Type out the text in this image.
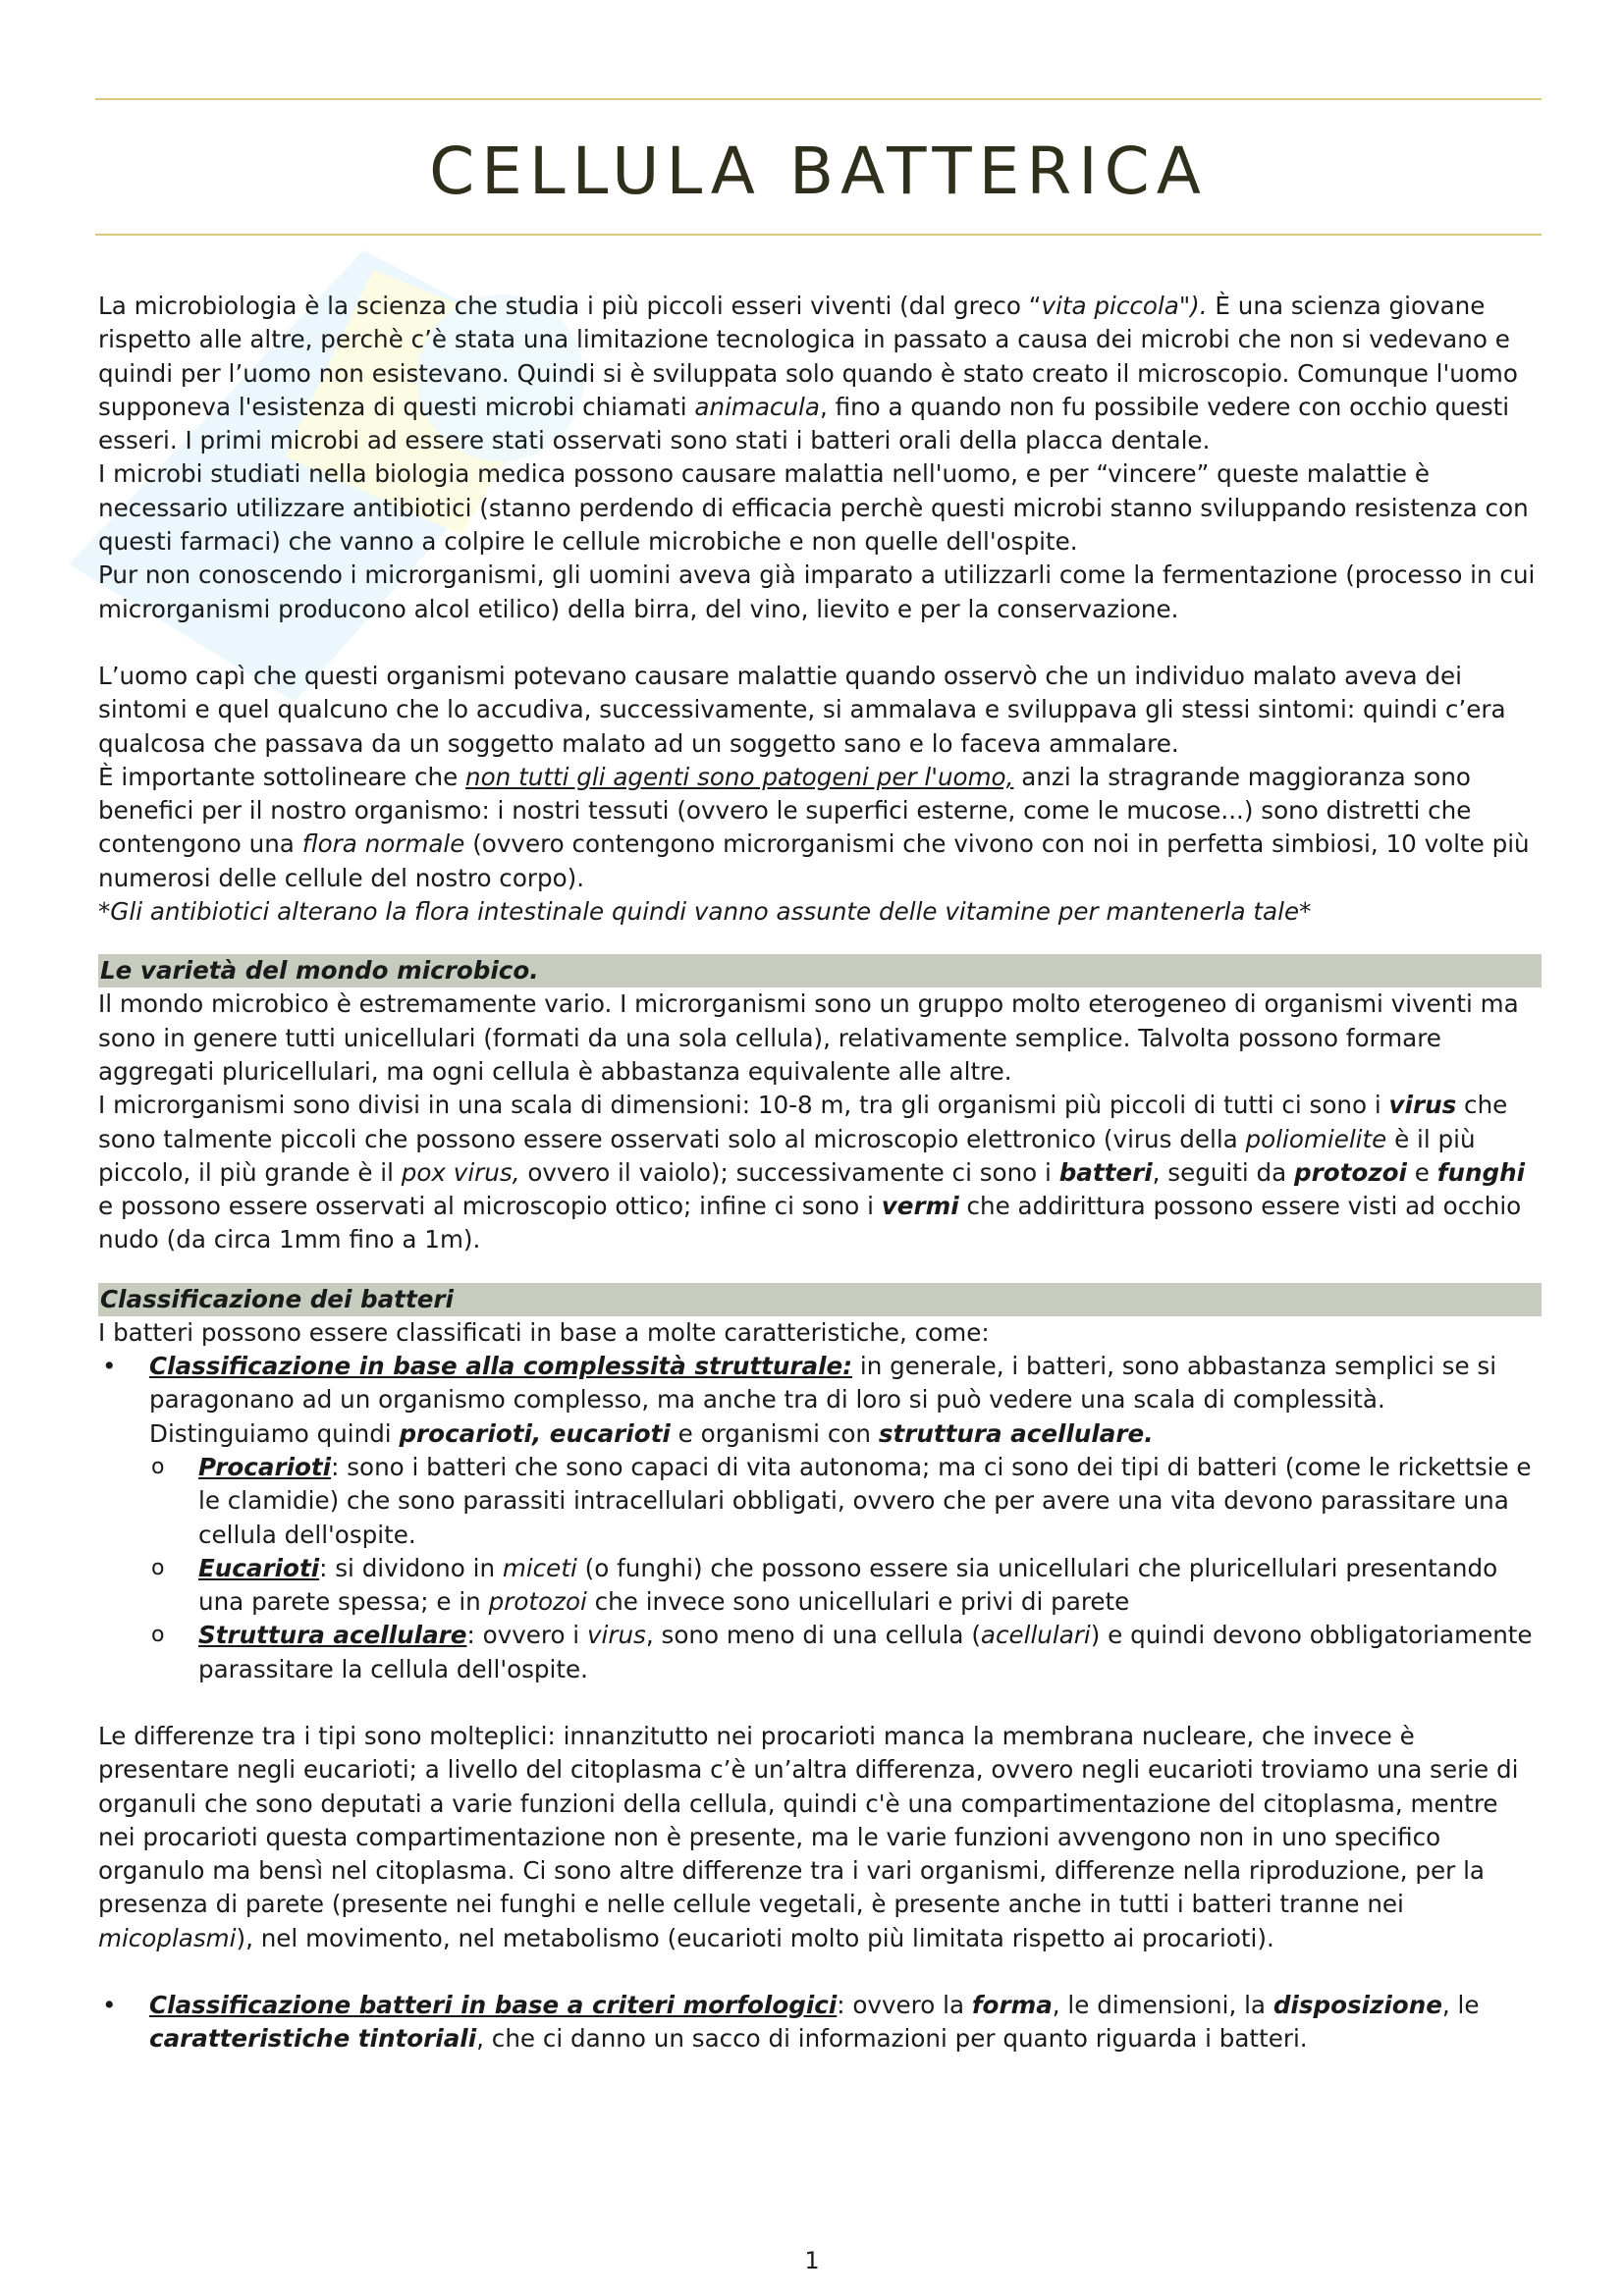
CELLULA BATTERICA

La microbiologia è la scienza che studia i più piccoli esseri viventi (dal greco “vita piccola"). È una scienza giovane rispetto alle altre, perchè c’è stata una limitazione tecnologica in passato a causa dei microbi che non si vedevano e quindi per l’uomo non esistevano. Quindi si è sviluppata solo quando è stato creato il microscopio. Comunque l'uomo supponeva l'esistenza di questi microbi chiamati animacula, fino a quando non fu possibile vedere con occhio questi esseri. I primi microbi ad essere stati osservati sono stati i batteri orali della placca dentale.

I microbi studiati nella biologia medica possono causare malattia nell'uomo, e per “vincere” queste malattie è necessario utilizzare antibiotici (stanno perdendo di efficacia perchè questi microbi stanno sviluppando resistenza con questi farmaci) che vanno a colpire le cellule microbiche e non quelle dell'ospite.

Pur non conoscendo i microrganismi, gli uomini aveva già imparato a utilizzarli come la fermentazione (processo in cui microrganismi producono alcol etilico) della birra, del vino, lievito e per la conservazione.

L’uomo capì che questi organismi potevano causare malattie quando osservò che un individuo malato aveva dei sintomi e quel qualcuno che lo accudiva, successivamente, si ammalava e sviluppava gli stessi sintomi: quindi c’era qualcosa che passava da un soggetto malato ad un soggetto sano e lo faceva ammalare.

È importante sottolineare che non tutti gli agenti sono patogeni per l'uomo, anzi la stragrande maggioranza sono benefici per il nostro organismo: i nostri tessuti (ovvero le superfici esterne, come le mucose...) sono distretti che contengono una flora normale (ovvero contengono microrganismi che vivono con noi in perfetta simbiosi, 10 volte più numerosi delle cellule del nostro corpo).

*Gli antibiotici alterano la flora intestinale quindi vanno assunte delle vitamine per mantenerla tale*

Le varietà del mondo microbico.

Il mondo microbico è estremamente vario. I microrganismi sono un gruppo molto eterogeneo di organismi viventi ma sono in genere tutti unicellulari (formati da una sola cellula), relativamente semplice. Talvolta possono formare aggregati pluricellulari, ma ogni cellula è abbastanza equivalente alle altre.

I microrganismi sono divisi in una scala di dimensioni: 10-8 m, tra gli organismi più piccoli di tutti ci sono i virus che sono talmente piccoli che possono essere osservati solo al microscopio elettronico (virus della poliomielite è il più piccolo, il più grande è il pox virus, ovvero il vaiolo); successivamente ci sono i batteri, seguiti da protozoi e funghi e possono essere osservati al microscopio ottico; infine ci sono i vermi che addirittura possono essere visti ad occhio nudo (da circa 1mm fino a 1m).

Classificazione dei batteri

I batteri possono essere classificati in base a molte caratteristiche, come:

• Classificazione in base alla complessità strutturale: in generale, i batteri, sono abbastanza semplici se si paragonano ad un organismo complesso, ma anche tra di loro si può vedere una scala di complessità. Distinguiamo quindi procarioti, eucarioti e organismi con struttura acellulare.
o Procarioti: sono i batteri che sono capaci di vita autonoma; ma ci sono dei tipi di batteri (come le rickettsie e le clamidie) che sono parassiti intracellulari obbligati, ovvero che per avere una vita devono parassitare una cellula dell'ospite.
o Eucarioti: si dividono in miceti (o funghi) che possono essere sia unicellulari che pluricellulari presentando una parete spessa; e in protozoi che invece sono unicellulari e privi di parete
o Struttura acellulare: ovvero i virus, sono meno di una cellula (acellulari) e quindi devono obbligatoriamente parassitare la cellula dell'ospite.

Le differenze tra i tipi sono molteplici: innanzitutto nei procarioti manca la membrana nucleare, che invece è presentare negli eucarioti; a livello del citoplasma c’è un’altra differenza, ovvero negli eucarioti troviamo una serie di organuli che sono deputati a varie funzioni della cellula, quindi c'è una compartimentazione del citoplasma, mentre nei procarioti questa compartimentazione non è presente, ma le varie funzioni avvengono non in uno specifico organulo ma bensì nel citoplasma. Ci sono altre differenze tra i vari organismi, differenze nella riproduzione, per la presenza di parete (presente nei funghi e nelle cellule vegetali, è presente anche in tutti i batteri tranne nei micoplasmi), nel movimento, nel metabolismo (eucarioti molto più limitata rispetto ai procarioti).

• Classificazione batteri in base a criteri morfologici: ovvero la forma, le dimensioni, la disposizione, le caratteristiche tintoriali, che ci danno un sacco di informazioni per quanto riguarda i batteri.
1
